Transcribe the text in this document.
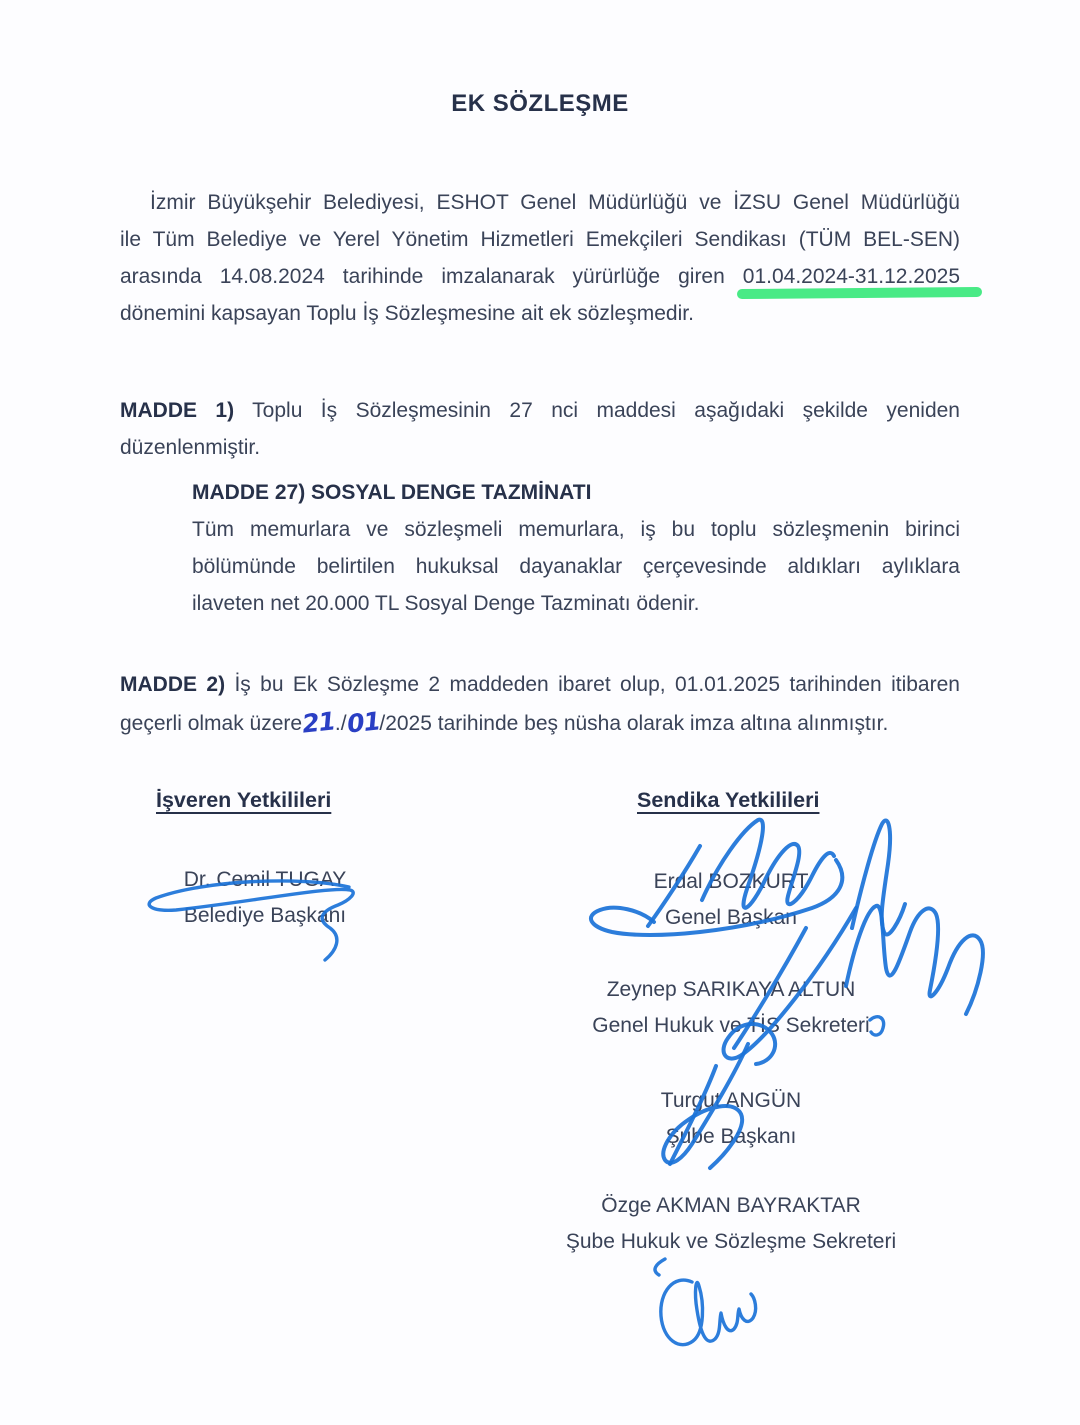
EK SÖZLEŞME
İzmir Büyükşehir Belediyesi, ESHOT Genel Müdürlüğü ve İZSU Genel Müdürlüğü
ile Tüm Belediye ve Yerel Yönetim Hizmetleri Emekçileri Sendikası (TÜM BEL-SEN)
arasında 14.08.2024 tarihinde imzalanarak yürürlüğe giren 01.04.2024-31.12.2025
dönemini kapsayan Toplu İş Sözleşmesine ait ek sözleşmedir.
MADDE 1) Toplu İş Sözleşmesinin 27 nci maddesi aşağıdaki şekilde yeniden
düzenlenmiştir.
MADDE 27) SOSYAL DENGE TAZMİNATI
Tüm memurlara ve sözleşmeli memurlara, iş bu toplu sözleşmenin birinci
bölümünde belirtilen hukuksal dayanaklar çerçevesinde aldıkları aylıklara
ilaveten net 20.000 TL Sosyal Denge Tazminatı ödenir.
MADDE 2) İş bu Ek Sözleşme 2 maddeden ibaret olup, 01.01.2025 tarihinden itibaren
geçerli olmak üzere21./01/2025 tarihinde beş nüsha olarak imza altına alınmıştır.
İşveren Yetkilileri	Sendika Yetkilileri
Dr. Cemil TUGAY
Belediye Başkanı
Erdal BOZKURT
Genel Başkan
Zeynep SARIKAYA ALTUN
Genel Hukuk ve TİS Sekreteri
Turgut ANGÜN
Şube Başkanı
Özge AKMAN BAYRAKTAR
Şube Hukuk ve Sözleşme Sekreteri
